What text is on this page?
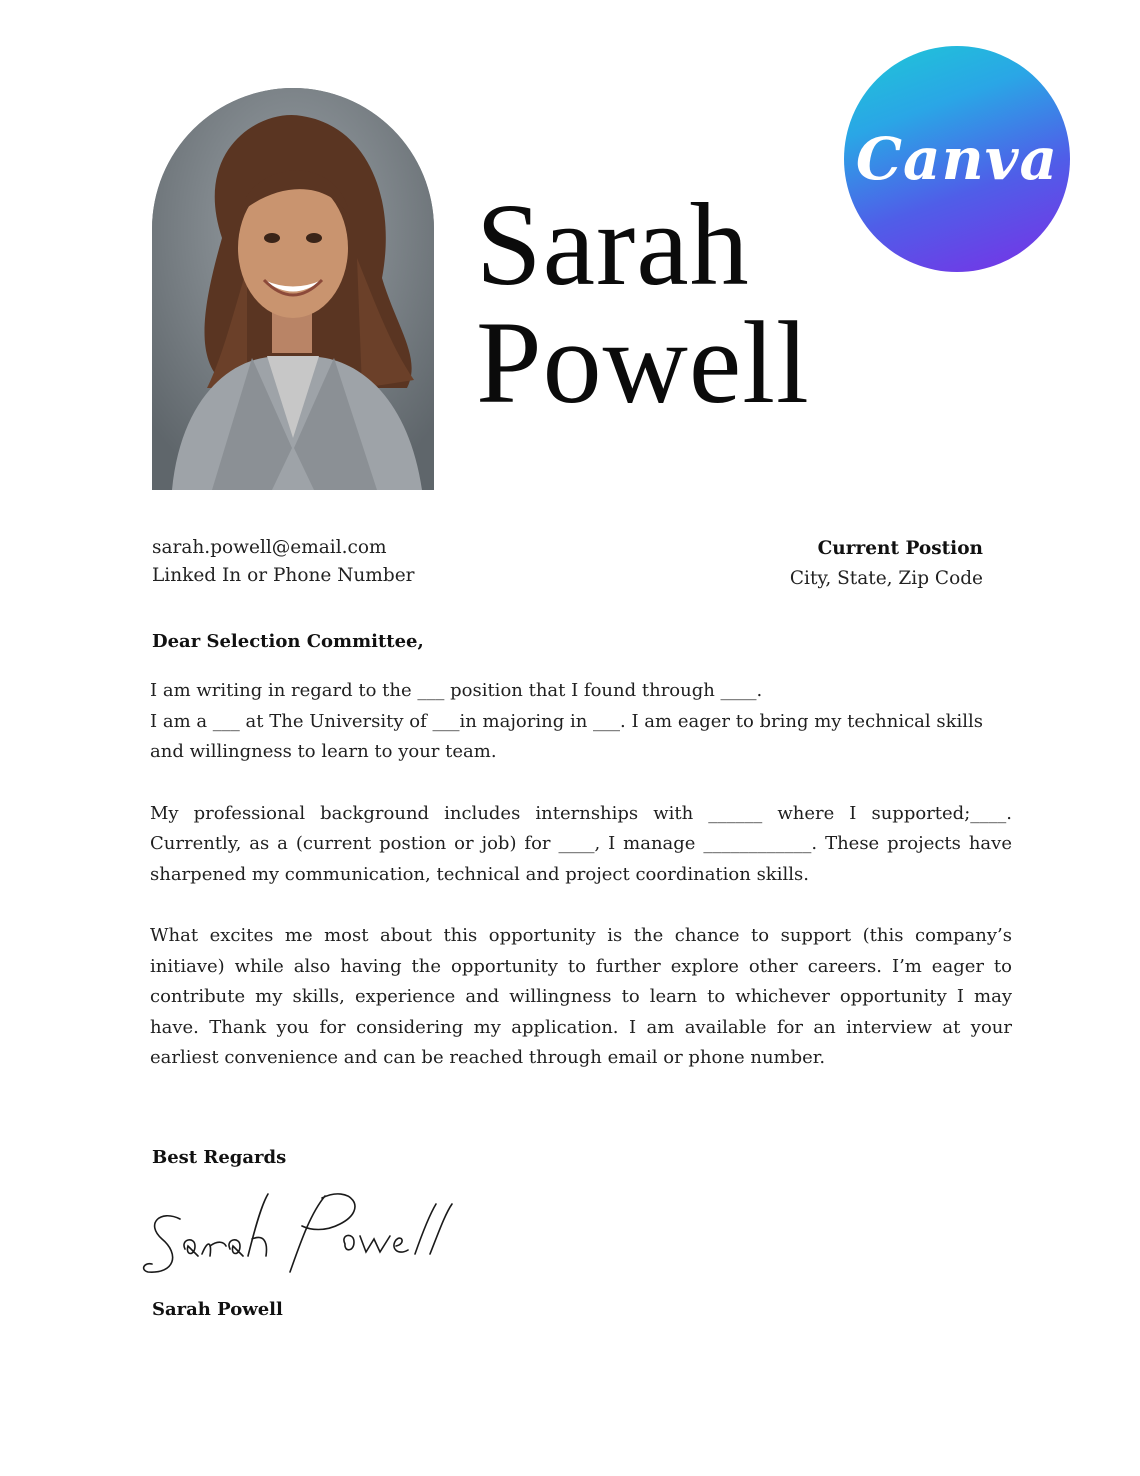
Sarah
Powell
Canva
sarah.powell@email.com
Linked In or Phone Number
Current Postion
City, State, Zip Code
Dear Selection Committee,

I am writing in regard to the ___ position that I found through ____.
I am a ___ at The University of ___in majoring in ___. I am eager to bring my technical skills and willingness to learn to your team.

My professional background includes internships with ______ where I supported;____. Currently, as a (current postion or job) for ____, I manage ____________. These projects have sharpened my communication, technical and project coordination skills.

What excites me most about this opportunity is the chance to support (this company’s initiave) while also having the opportunity to further explore other careers. I’m eager to contribute my skills, experience and willingness to learn to whichever opportunity I may have. Thank you for considering my application. I am available for an interview at your earliest convenience and can be reached through email or phone number.

Best Regards
Sarah Powell
